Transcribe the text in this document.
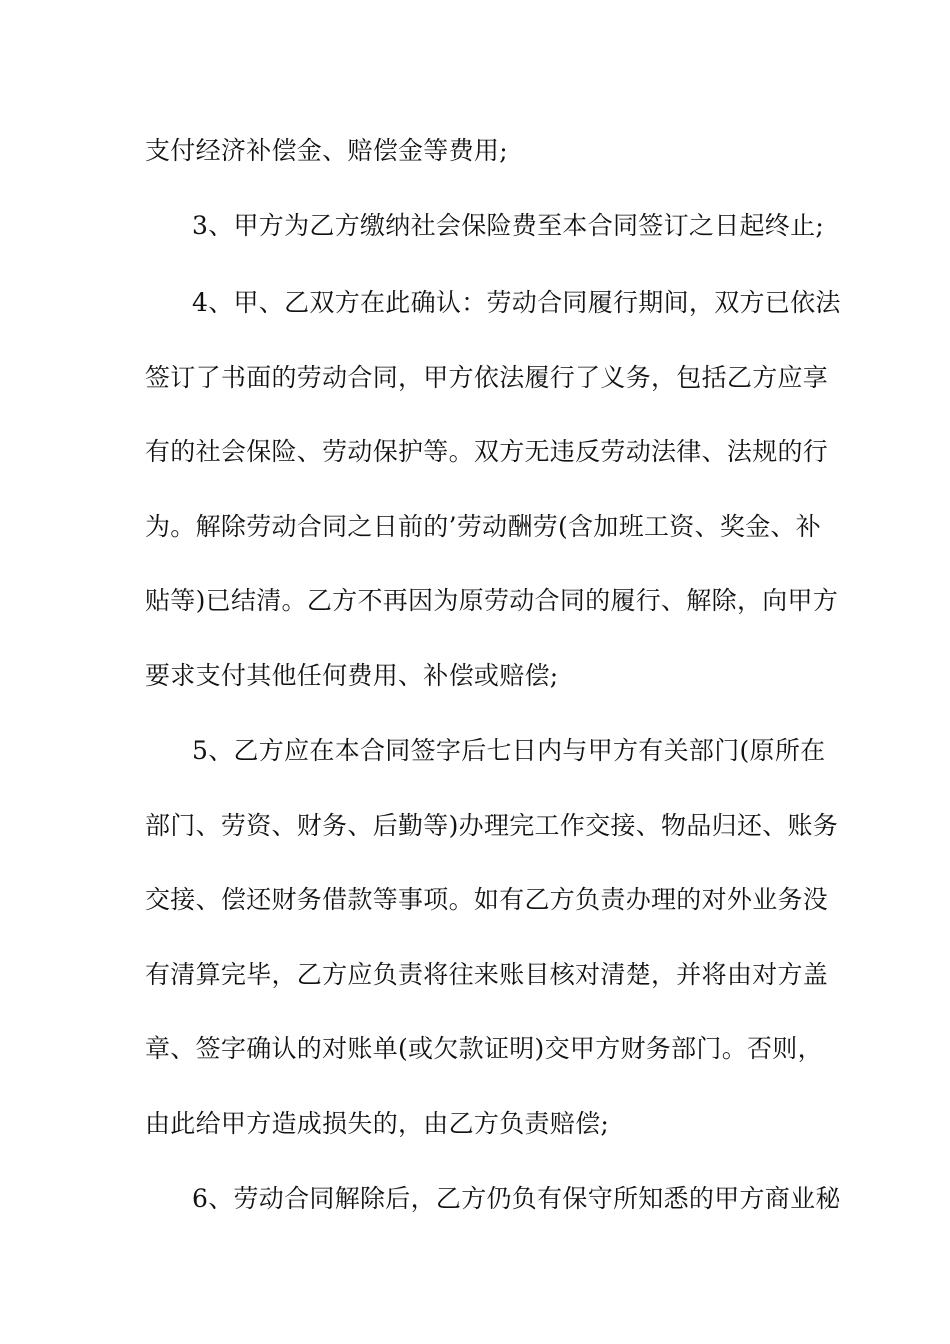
支付经济补偿金、赔偿金等费用;
3、甲方为乙方缴纳社会保险费至本合同签订之日起终止;
4、甲、乙双方在此确认：劳动合同履行期间，双方已依法
签订了书面的劳动合同，甲方依法履行了义务，包括乙方应享
有的社会保险、劳动保护等。双方无违反劳动法律、法规的行
为。解除劳动合同之日前的’劳动酬劳(含加班工资、奖金、补
贴等)已结清。乙方不再因为原劳动合同的履行、解除，向甲方
要求支付其他任何费用、补偿或赔偿;
5、乙方应在本合同签字后七日内与甲方有关部门(原所在
部门、劳资、财务、后勤等)办理完工作交接、物品归还、账务
交接、偿还财务借款等事项。如有乙方负责办理的对外业务没
有清算完毕，乙方应负责将往来账目核对清楚，并将由对方盖
章、签字确认的对账单(或欠款证明)交甲方财务部门。否则，
由此给甲方造成损失的，由乙方负责赔偿;
6、劳动合同解除后，乙方仍负有保守所知悉的甲方商业秘
